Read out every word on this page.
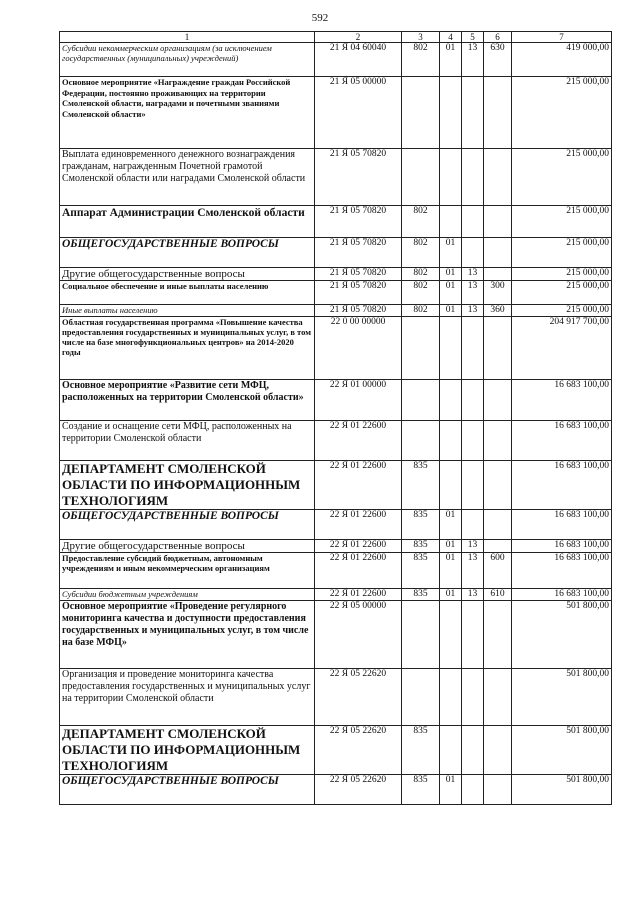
592
1	2	3	4	5	6	7
Субсидии некоммерческим организациям (за исключением государственных (муниципальных) учреждений)	21 Я 04 60040	802	01	13	630	419 000,00
Основное мероприятие «Награждение граждан Российской Федерации, постоянно проживающих на территории Смоленской области, наградами и почетными званиями Смоленской области»	21 Я 05 00000					215 000,00
Выплата единовременного денежного вознаграждения гражданам, награжденным Почетной грамотой Смоленской области или наградами Смоленской области	21 Я 05 70820					215 000,00
Аппарат Администрации Смоленской области	21 Я 05 70820	802				215 000,00
ОБЩЕГОСУДАРСТВЕННЫЕ ВОПРОСЫ	21 Я 05 70820	802	01			215 000,00
Другие общегосударственные вопросы	21 Я 05 70820	802	01	13		215 000,00
Социальное обеспечение и иные выплаты населению	21 Я 05 70820	802	01	13	300	215 000,00
Иные выплаты населению	21 Я 05 70820	802	01	13	360	215 000,00
Областная государственная программа «Повышение качества предоставления государственных и муниципальных услуг, в том числе на базе многофункциональных центров» на 2014-2020 годы	22 0 00 00000					204 917 700,00
Основное мероприятие «Развитие сети МФЦ, расположенных на территории Смоленской области»	22 Я 01 00000					16 683 100,00
Создание и оснащение сети МФЦ, расположенных на территории Смоленской области	22 Я 01 22600					16 683 100,00
ДЕПАРТАМЕНТ СМОЛЕНСКОЙ ОБЛАСТИ ПО ИНФОРМАЦИОННЫМ ТЕХНОЛОГИЯМ	22 Я 01 22600	835				16 683 100,00
ОБЩЕГОСУДАРСТВЕННЫЕ ВОПРОСЫ	22 Я 01 22600	835	01			16 683 100,00
Другие общегосударственные вопросы	22 Я 01 22600	835	01	13		16 683 100,00
Предоставление субсидий бюджетным, автономным учреждениям и иным некоммерческим организациям	22 Я 01 22600	835	01	13	600	16 683 100,00
Субсидии бюджетным учреждениям	22 Я 01 22600	835	01	13	610	16 683 100,00
Основное мероприятие «Проведение регулярного мониторинга качества и доступности предоставления государственных и муниципальных услуг, в том числе на базе МФЦ»	22 Я 05 00000					501 800,00
Организация и проведение мониторинга качества предоставления государственных и муниципальных услуг на территории Смоленской области	22 Я 05 22620					501 800,00
ДЕПАРТАМЕНТ СМОЛЕНСКОЙ ОБЛАСТИ ПО ИНФОРМАЦИОННЫМ ТЕХНОЛОГИЯМ	22 Я 05 22620	835				501 800,00
ОБЩЕГОСУДАРСТВЕННЫЕ ВОПРОСЫ	22 Я 05 22620	835	01			501 800,00
